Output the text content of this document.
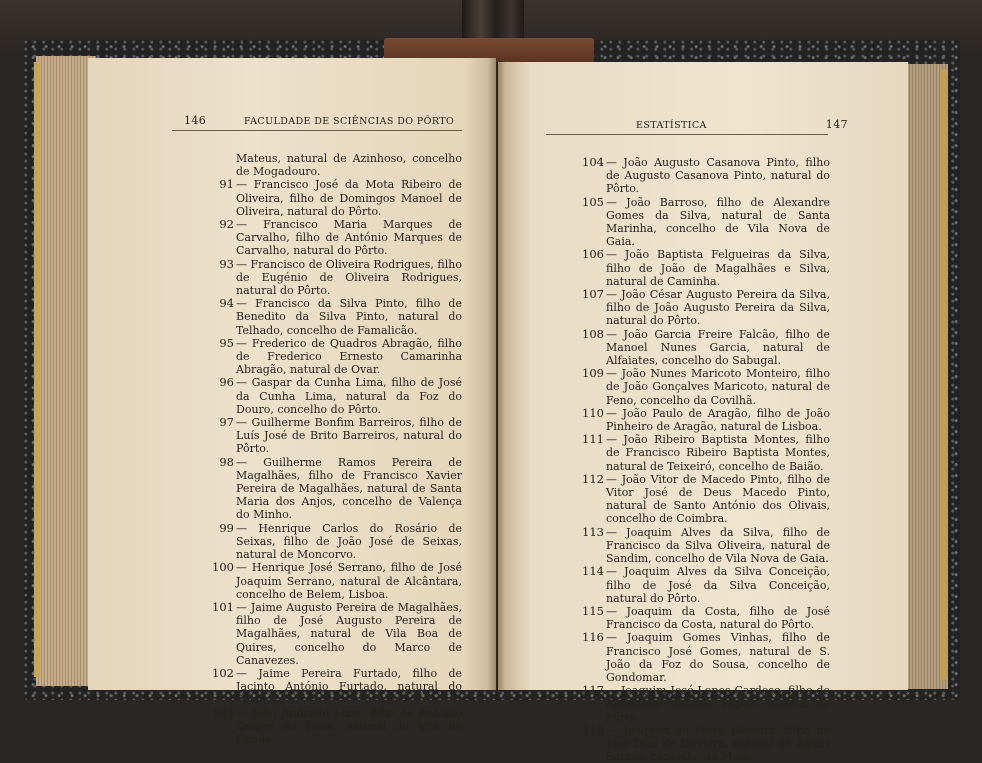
146	FACULDADE DE SCIÊNCIAS DO PÔRTO
Mateus, natural de Azinhoso, concelho de Mogadouro.
91 — Francisco José da Mota Ribeiro de Oliveira, filho de Domingos Manoel de Oliveira, natural do Pôrto.
92 — Francisco Maria Marques de Carvalho, filho de António Marques de Carvalho, natural do Pôrto.
93 — Francisco de Oliveira Rodrigues, filho de Eugénio de Oliveira Rodrigues, natural do Pôrto.
94 — Francisco da Silva Pinto, filho de Benedito da Silva Pinto, natural do Telhado, concelho de Famalicão.
95 — Frederico de Quadros Abragão, filho de Frederico Ernesto Camarinha Abragão, natural de Ovar.
96 — Gaspar da Cunha Lima, filho de José da Cunha Lima, natural da Foz do Douro, concelho do Pôrto.
97 — Guilherme Bonfim Barreiros, filho de Luís José de Brito Barreiros, natural do Pôrto.
98 — Guilherme Ramos Pereira de Magalhães, filho de Francisco Xavier Pereira de Magalhães, natural de Santa Maria dos Anjos, concelho de Valença do Minho.
99 — Henrique Carlos do Rosário de Seixas, filho de João José de Seixas, natural de Moncorvo.
100 — Henrique José Serrano, filho de José Joaquim Serrano, natural de Alcântara, concelho de Belem, Lisboa.
101 — Jaime Augusto Pereira de Magalhães, filho de José Augusto Pereira de Magalhães, natural de Vila Boa de Quires, concelho do Marco de Canavezes.
102 — Jaime Pereira Furtado, filho de Jacinto António Furtado, natural do Pôrto.
103 — João Andrade Lima, filho de António Gomes de Lima, natural de Vila do Conde.
ESTATÍSTICA	147
104 — João Augusto Casanova Pinto, filho de Augusto Casanova Pinto, natural do Pôrto.
105 — João Barroso, filho de Alexandre Gomes da Silva, natural de Santa Marinha, concelho de Vila Nova de Gaia.
106 — João Baptista Felgueiras da Silva, filho de João de Magalhães e Silva, natural de Caminha.
107 — João César Augusto Pereira da Silva, filho de João Augusto Pereira da Silva, natural do Pôrto.
108 — João Garcia Freire Falcão, filho de Manoel Nunes Garcia, natural de Alfaiates, concelho do Sabugal.
109 — João Nunes Maricoto Monteiro, filho de João Gonçalves Maricoto, natural de Feno, concelho da Covilhã.
110 — João Paulo de Aragão, filho de João Pinheiro de Aragão, natural de Lisboa.
111 — João Ribeiro Baptista Montes, filho de Francisco Ribeiro Baptista Montes, natural de Teixeiró, concelho de Baião.
112 — João Vitor de Macedo Pinto, filho de Vitor José de Deus Macedo Pinto, natural de Santo António dos Olivais, concelho de Coimbra.
113 — Joaquim Alves da Silva, filho de Francisco da Silva Oliveira, natural de Sandim, concelho de Vila Nova de Gaia.
114 — Joaquim Alves da Silva Conceição, filho de José da Silva Conceição, natural do Pôrto.
115 — Joaquim da Costa, filho de José Francisco da Costa, natural do Pôrto.
116 — Joaquim Gomes Vinhas, filho de Francisco José Gomes, natural de S. João da Foz do Sousa, concelho de Gondomar.
117 — Joaquim José Lopes Cardoso, filho de Agostinho António Lopes, natural do Pôrto.
118 — Joaquim de Paiva Oliveira, filho de José Dias de Oliveira, natural de Aguas Santas, concelho da Maia.
